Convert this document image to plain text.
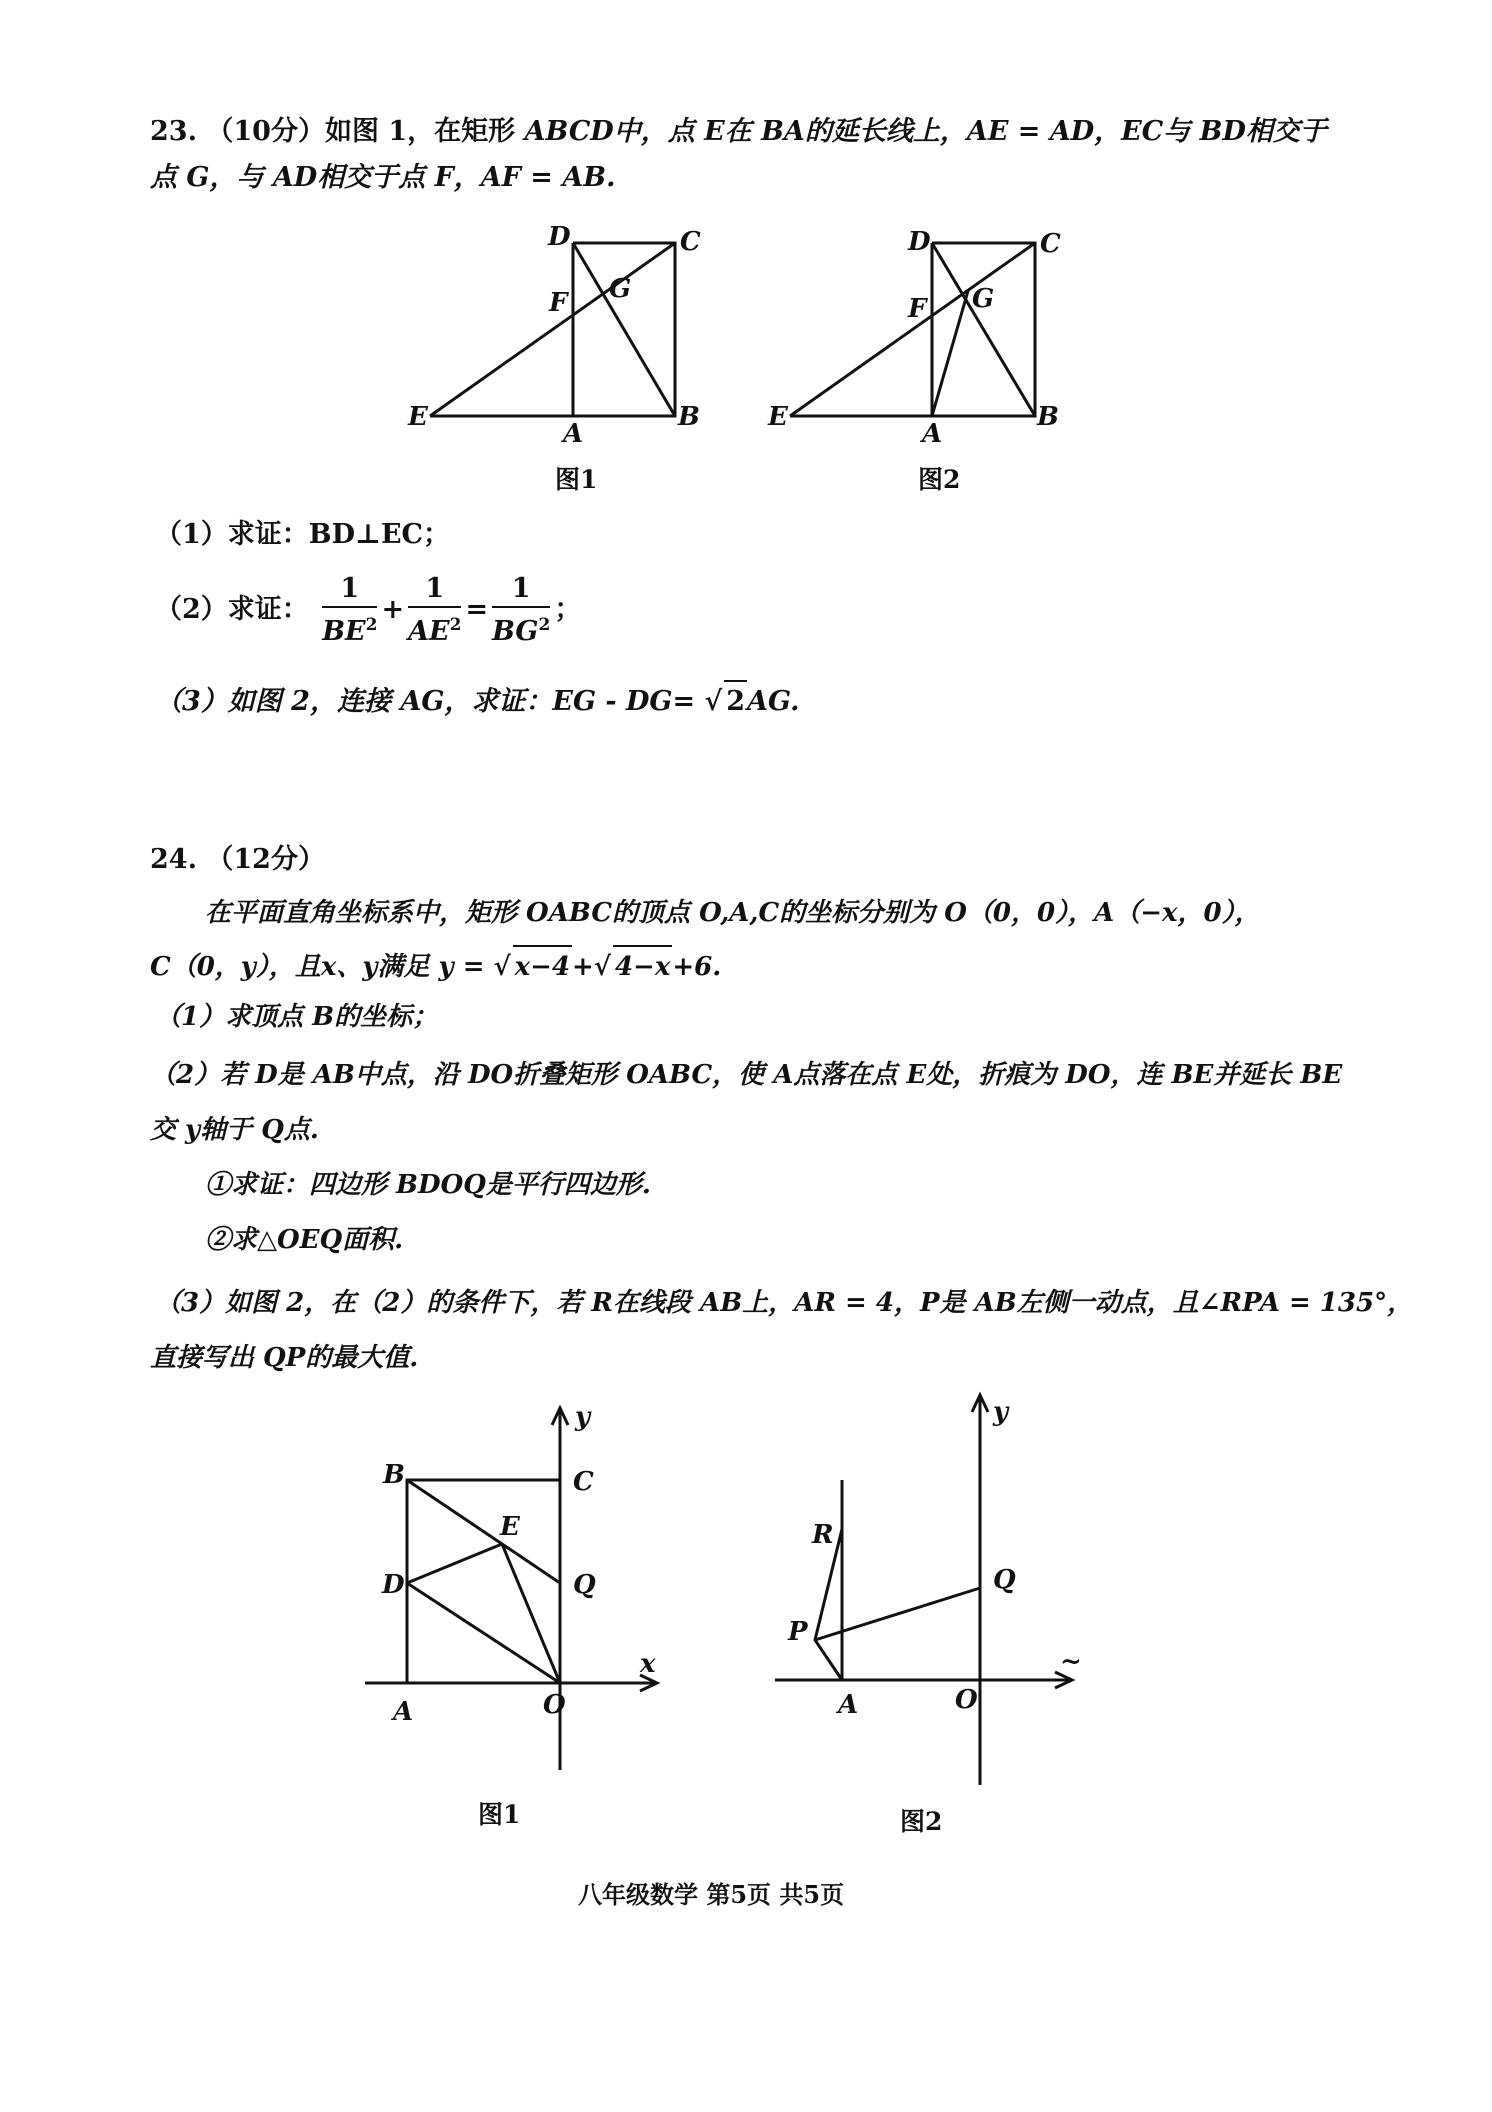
23. （10分）如图 1，在矩形 ABCD中，点 E在 BA的延长线上，AE = AD，EC与 BD相交于
点 G，与 AD相交于点 F，AF = AB.
D	C
F G
E
A
B
图1
D	C
F G
E
A
B
图2
（1）求证：BD⊥EC；
（2）求证： $\frac{1}{BE^2} + \frac{1}{AE^2} = \frac{1}{BG^2}$ ；
（3）如图 2，连接 AG，求证：EG - DG= √ 2AG.
24. （12分）
在平面直角坐标系中，矩形 OABC的顶点 O,A,C的坐标分别为 O（0，0），A（−x，0），
C（0，y），且x、y满足 y = √ x−4+√ 4−x+6.
（1）求顶点 B的坐标；
（2）若 D是 AB中点，沿 DO折叠矩形 OABC，使 A点落在点 E处，折痕为 DO，连 BE并延长 BE
交 y轴于 Q点.
①求证：四边形 BDOQ是平行四边形.
②求△OEQ面积.
（3）如图 2，在（2）的条件下，若 R在线段 AB上，AR = 4，P是 AB左侧一动点，且∠RPA = 135°，
直接写出 QP的最大值.
y
B	C
E
D	Q
x
A	O
图1
y
R
Q
P
~
A	O
图2
八年级数学 第5页 共5页
